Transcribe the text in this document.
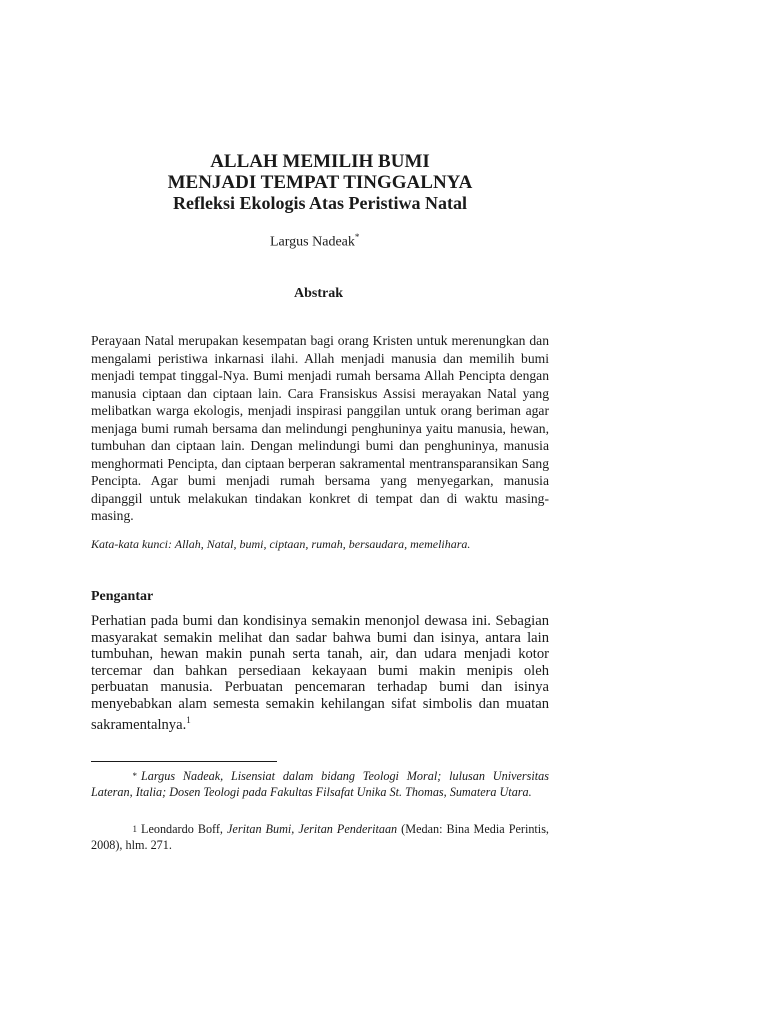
ALLAH MEMILIH BUMI
MENJADI TEMPAT TINGGALNYA
Refleksi Ekologis Atas Peristiwa Natal
Largus Nadeak*
Abstrak
Perayaan Natal merupakan kesempatan bagi orang Kristen untuk merenungkan dan mengalami peristiwa inkarnasi ilahi. Allah menjadi manusia dan memilih bumi menjadi tempat tinggal-Nya. Bumi menjadi rumah bersama Allah Pencipta dengan manusia ciptaan dan ciptaan lain. Cara Fransiskus Assisi merayakan Natal yang melibatkan warga ekologis, menjadi inspirasi panggilan untuk orang beriman agar menjaga bumi rumah bersama dan melindungi penghuninya yaitu manusia, hewan, tumbuhan dan ciptaan lain. Dengan melindungi bumi dan penghuninya, manusia menghormati Pencipta, dan ciptaan berperan sakramental mentransparansikan Sang Pencipta. Agar bumi menjadi rumah bersama yang menyegarkan, manusia dipanggil untuk melakukan tindakan konkret di tempat dan di waktu masing-masing.
Kata-kata kunci: Allah, Natal, bumi, ciptaan, rumah, bersaudara, memelihara.
Pengantar
Perhatian pada bumi dan kondisinya semakin menonjol dewasa ini. Sebagian masyarakat semakin melihat dan sadar bahwa bumi dan isinya, antara lain tumbuhan, hewan makin punah serta tanah, air, dan udara menjadi kotor tercemar dan bahkan persediaan kekayaan bumi makin menipis oleh perbuatan manusia. Perbuatan pencemaran terhadap bumi dan isinya menyebabkan alam semesta semakin kehilangan sifat simbolis dan muatan sakramentalnya.$^1$
* Largus Nadeak, Lisensiat dalam bidang Teologi Moral; lulusan Universitas Lateran, Italia; Dosen Teologi pada Fakultas Filsafat Unika St. Thomas, Sumatera Utara.
1 Leondardo Boff, Jeritan Bumi, Jeritan Penderitaan (Medan: Bina Media Perintis, 2008), hlm. 271.
